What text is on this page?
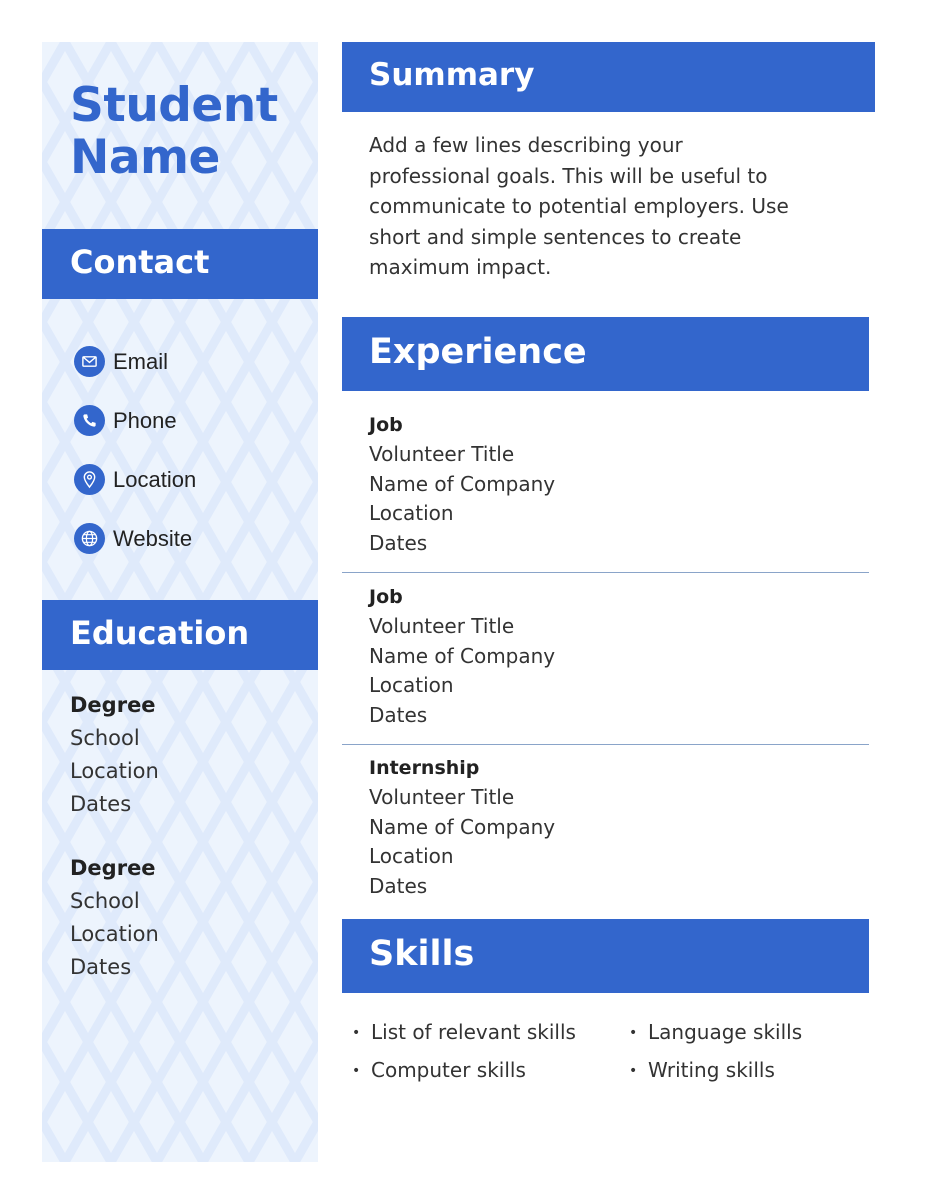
Student
Name
Contact
Email
Phone
Location
Website
Education
Degree
School
Location
Dates
Degree
School
Location
Dates
Summary
Add a few lines describing your
professional goals. This will be useful to
communicate to potential employers. Use
short and simple sentences to create
maximum impact.
Experience
Job
Volunteer Title
Name of Company
Location
Dates
Job
Volunteer Title
Name of Company
Location
Dates
Internship
Volunteer Title
Name of Company
Location
Dates
Skills
• List of relevant skills
• Computer skills
• Language skills
• Writing skills
